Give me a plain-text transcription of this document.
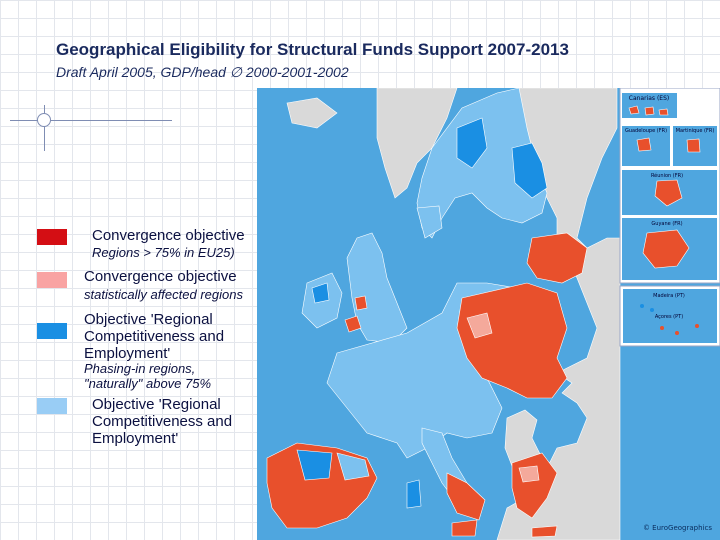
Geographical Eligibility for Structural Funds Support 2007-2013

Draft April 2005, GDP/head ∅ 2000-2001-2002

Convergence objective

Regions > 75% in EU25)

Convergence objective

statistically affected regions

Objective 'Regional Competitiveness and Employment'

Phasing-in regions, "naturally" above 75%

Objective 'Regional Competitiveness and Employment'

Canarias (ES)
Guadeloupe (FR) Martinique (FR)
Réunion (FR)
Guyane (FR)
Madeira (PT)
Açores (PT)
© EuroGeographics
